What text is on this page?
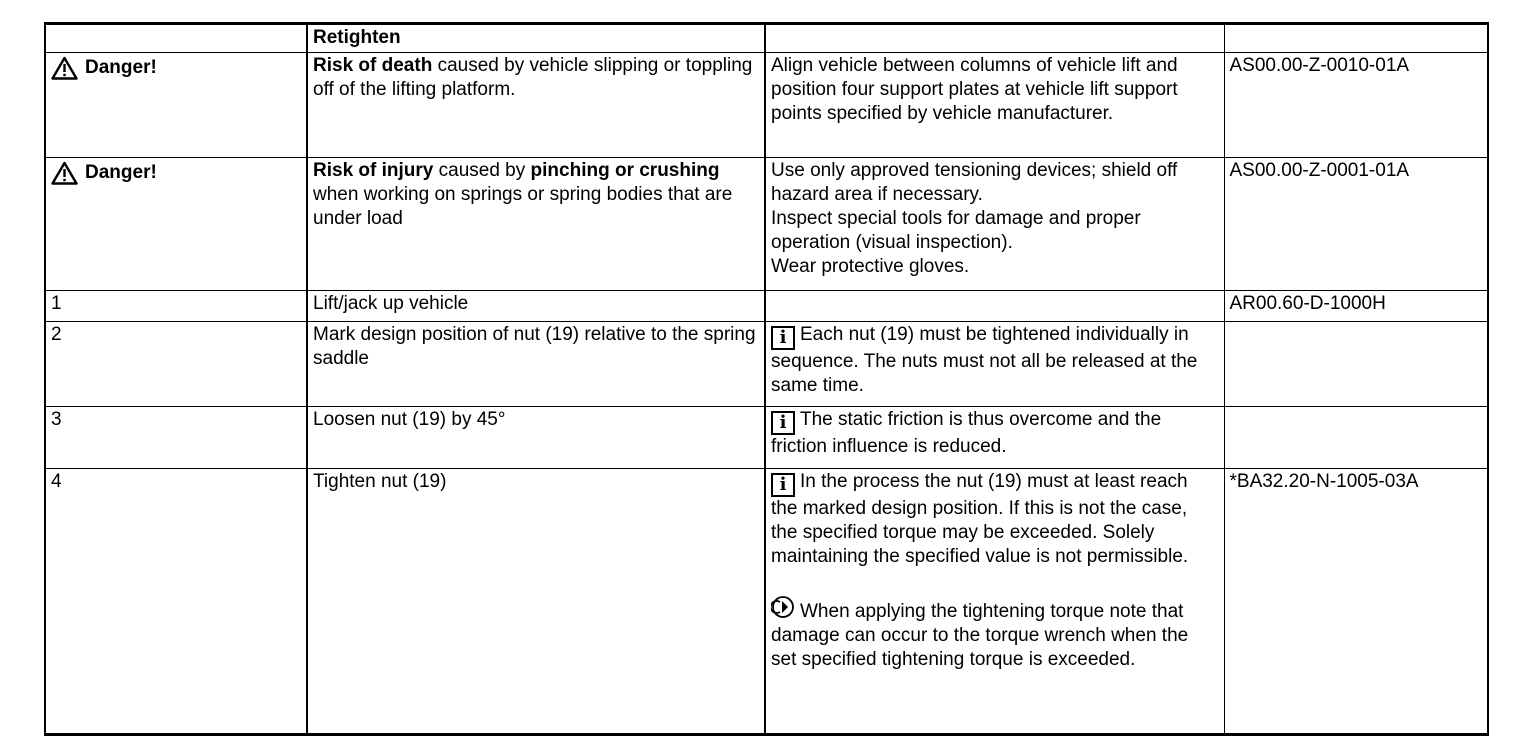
	Retighten		

Danger!	Risk of death caused by vehicle slipping or toppling off of the lifting platform.	Align vehicle between columns of vehicle lift and position four support plates at vehicle lift support points specified by vehicle manufacturer.	AS00.00-Z-0010-01A

Danger!	Risk of injury caused by pinching or crushing when working on springs or spring bodies that are under load	Use only approved tensioning devices; shield off hazard area if necessary.
Inspect special tools for damage and proper operation (visual inspection).
Wear protective gloves.	AS00.00-Z-0001-01A
1	Lift/jack up vehicle		AR00.60-D-1000H
2	Mark design position of nut (19) relative to the spring saddle	i Each nut (19) must be tightened individually in sequence. The nuts must not all be released at the same time.	
3	Loosen nut (19) by 45°	i The static friction is thus overcome and the friction influence is reduced.	
4	Tighten nut (19)	i In the process the nut (19) must at least reach the marked design position. If this is not the case, the specified torque may be exceeded. Solely maintaining the specified value is not permissible.
When applying the tightening torque note that damage can occur to the torque wrench when the set specified tightening torque is exceeded.	*BA32.20-N-1005-03A
